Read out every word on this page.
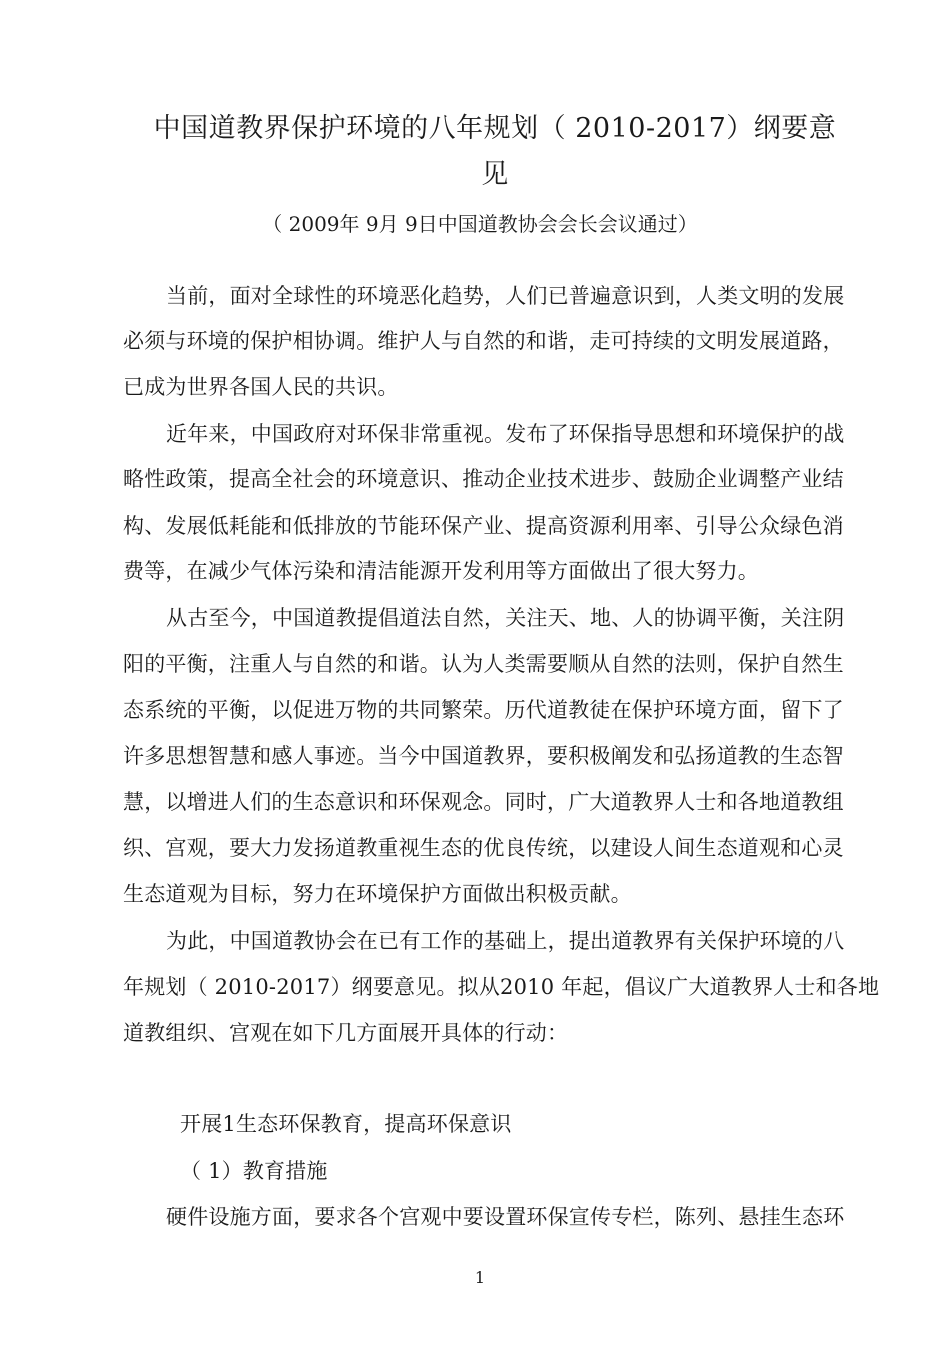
中国道教界保护环境的八年规划（ 2010-2017）纲要意
见
（ 2009年 9月 9日中国道教协会会长会议通过）
当前，面对全球性的环境恶化趋势，人们已普遍意识到，人类文明的发展
必须与环境的保护相协调。维护人与自然的和谐，走可持续的文明发展道路，
已成为世界各国人民的共识。
近年来，中国政府对环保非常重视。发布了环保指导思想和环境保护的战
略性政策，提高全社会的环境意识、推动企业技术进步、鼓励企业调整产业结
构、发展低耗能和低排放的节能环保产业、提高资源利用率、引导公众绿色消
费等，在减少气体污染和清洁能源开发利用等方面做出了很大努力。
从古至今，中国道教提倡道法自然，关注天、地、人的协调平衡，关注阴
阳的平衡，注重人与自然的和谐。认为人类需要顺从自然的法则，保护自然生
态系统的平衡，以促进万物的共同繁荣。历代道教徒在保护环境方面，留下了
许多思想智慧和感人事迹。当今中国道教界，要积极阐发和弘扬道教的生态智
慧，以增进人们的生态意识和环保观念。同时，广大道教界人士和各地道教组
织、宫观，要大力发扬道教重视生态的优良传统，以建设人间生态道观和心灵
生态道观为目标，努力在环境保护方面做出积极贡献。
为此，中国道教协会在已有工作的基础上，提出道教界有关保护环境的八
年规划（ 2010-2017）纲要意见。拟从2010 年起，倡议广大道教界人士和各地
道教组织、宫观在如下几方面展开具体的行动：
开展1生态环保教育，提高环保意识
（ 1）教育措施
硬件设施方面，要求各个宫观中要设置环保宣传专栏，陈列、悬挂生态环
1
